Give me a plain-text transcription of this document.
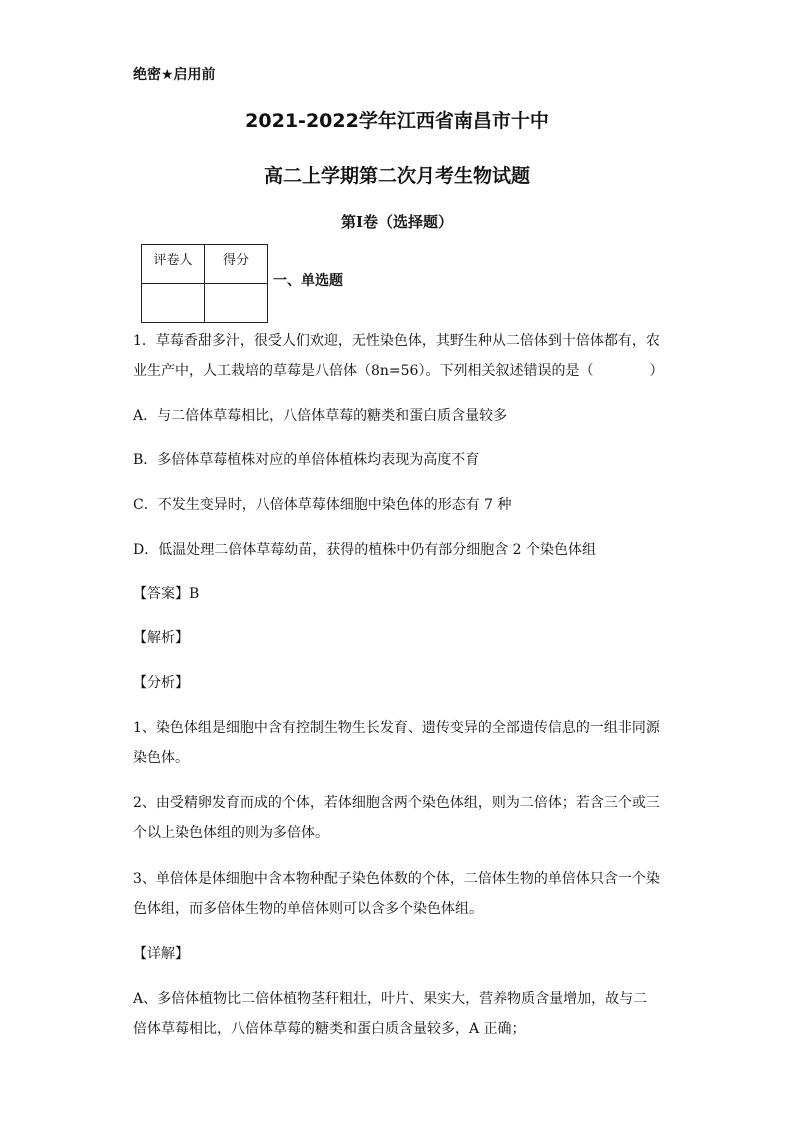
绝密★启用前
2021-2022学年江西省南昌市十中
高二上学期第二次月考生物试题
第I卷（选择题）
评卷人	得分

一、单选题
1．草莓香甜多汁，很受人们欢迎，无性染色体，其野生种从二倍体到十倍体都有，农
业生产中，人工栽培的草莓是八倍体（8n=56）。下列相关叙述错误的是（　　　　）
A．与二倍体草莓相比，八倍体草莓的糖类和蛋白质含量较多
B．多倍体草莓植株对应的单倍体植株均表现为高度不育
C．不发生变异时，八倍体草莓体细胞中染色体的形态有 7 种
D．低温处理二倍体草莓幼苗，获得的植株中仍有部分细胞含 2 个染色体组
【答案】B
【解析】
【分析】
1、染色体组是细胞中含有控制生物生长发育、遗传变异的全部遗传信息的一组非同源
染色体。
2、由受精卵发育而成的个体，若体细胞含两个染色体组，则为二倍体；若含三个或三
个以上染色体组的则为多倍体。
3、单倍体是体细胞中含本物种配子染色体数的个体，二倍体生物的单倍体只含一个染
色体组，而多倍体生物的单倍体则可以含多个染色体组。
【详解】
A、多倍体植物比二倍体植物茎秆粗壮，叶片、果实大，营养物质含量增加，故与二
倍体草莓相比，八倍体草莓的糖类和蛋白质含量较多，A 正确；
